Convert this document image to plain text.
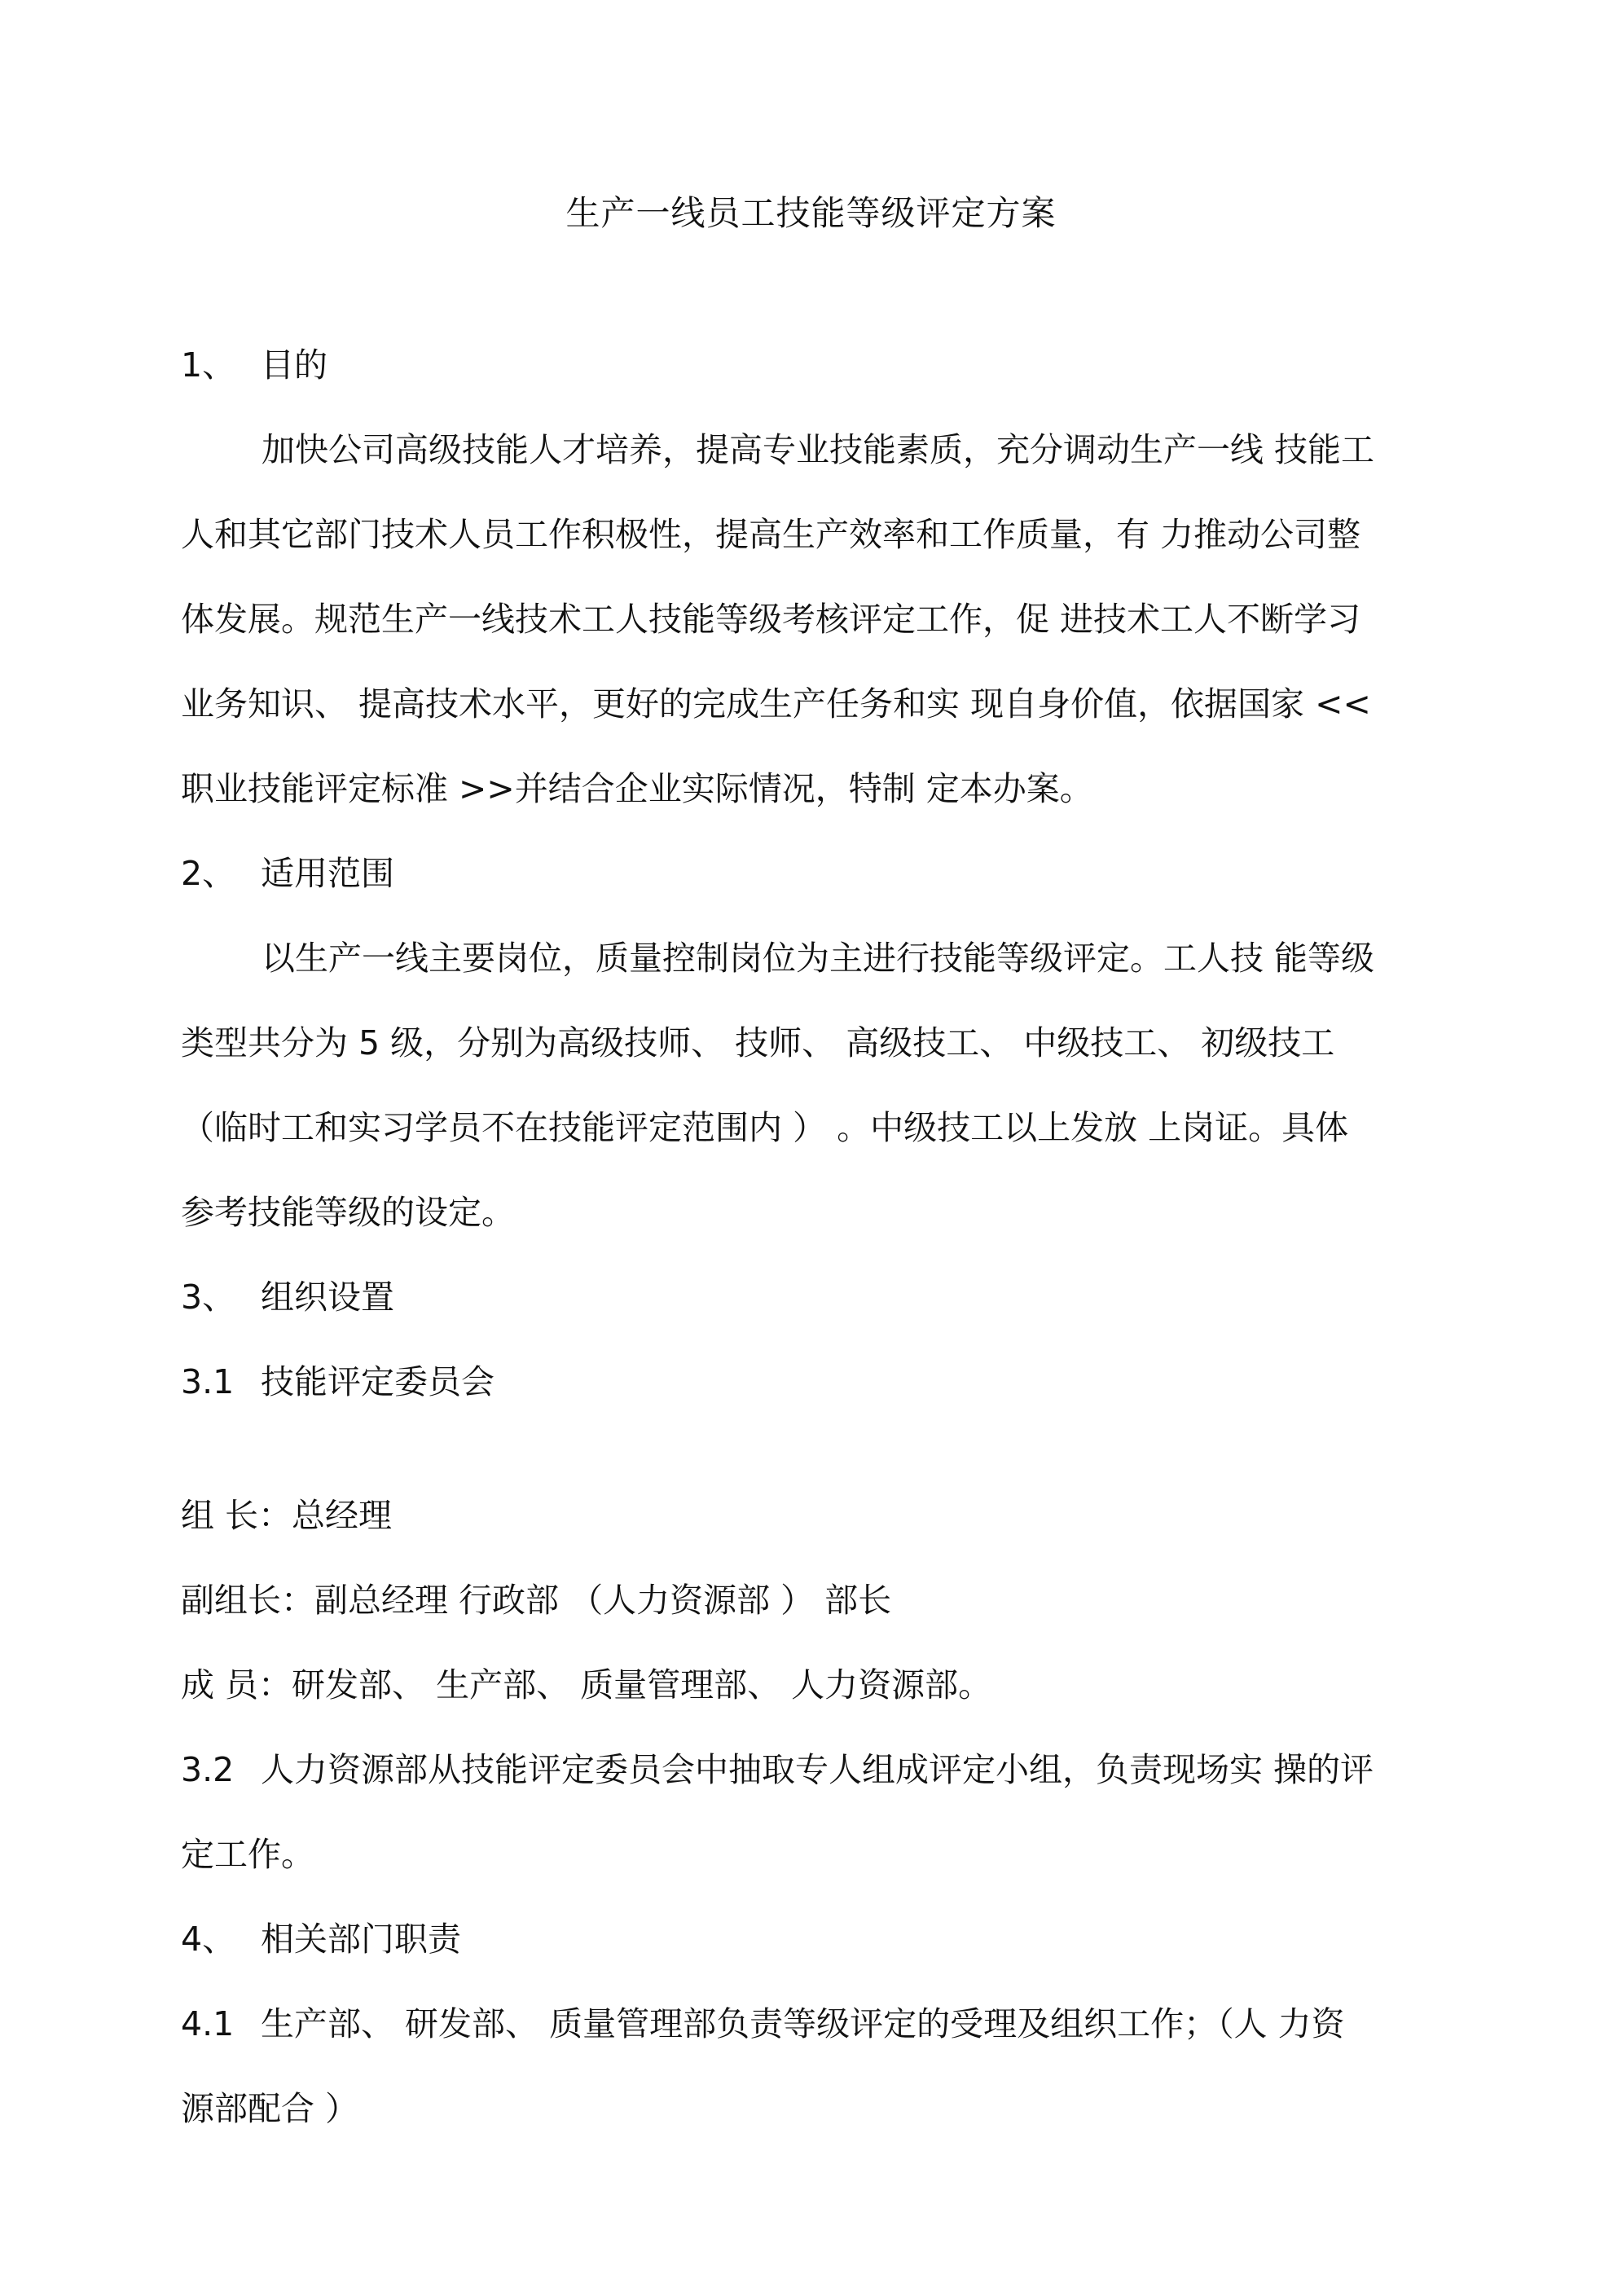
生产一线员工技能等级评定方案
1、 目的
加快公司高级技能人才培养，提高专业技能素质，充分调动生产一线 技能工
人和其它部门技术人员工作积极性，提高生产效率和工作质量，有 力推动公司整
体发展。规范生产一线技术工人技能等级考核评定工作，促 进技术工人不断学习
业务知识、 提高技术水平，更好的完成生产任务和实 现自身价值，依据国家 <<
职业技能评定标准 >>并结合企业实际情况，特制 定本办案。
2、 适用范围
以生产一线主要岗位，质量控制岗位为主进行技能等级评定。工人技 能等级
类型共分为 5 级，分别为高级技师、 技师、 高级技工、 中级技工、 初级技工
（临时工和实习学员不在技能评定范围内 ） 。中级技工以上发放 上岗证。具体
参考技能等级的设定。
3、 组织设置
3.1 技能评定委员会
组 长：总经理
副组长：副总经理 行政部 （人力资源部 ） 部长
成 员：研发部、 生产部、 质量管理部、 人力资源部。
3.2 人力资源部从技能评定委员会中抽取专人组成评定小组，负责现场实 操的评
定工作。
4、 相关部门职责
4.1 生产部、 研发部、 质量管理部负责等级评定的受理及组织工作；（人 力资
源部配合 ）
